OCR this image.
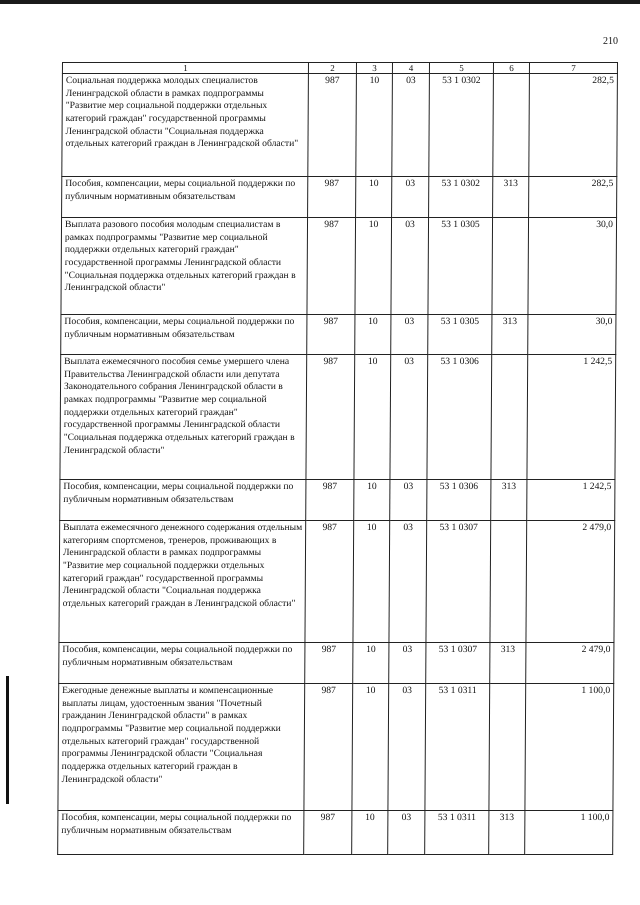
210
1	2	3	4	5	6	7
Социальная поддержка молодых специалистов Ленинградской области в рамках подпрограммы "Развитие мер социальной поддержки отдельных категорий граждан" государственной программы Ленинградской области "Социальная поддержка отдельных категорий граждан в Ленинградской области"	987	10	03	53 1 0302		282,5
Пособия, компенсации, меры социальной поддержки по публичным нормативным обязательствам	987	10	03	53 1 0302	313	282,5
Выплата разового пособия молодым специалистам в рамках подпрограммы "Развитие мер социальной поддержки отдельных категорий граждан" государственной программы Ленинградской области "Социальная поддержка отдельных категорий граждан в Ленинградской области"	987	10	03	53 1 0305		30,0
Пособия, компенсации, меры социальной поддержки по публичным нормативным обязательствам	987	10	03	53 1 0305	313	30,0
Выплата ежемесячного пособия семье умершего члена Правительства Ленинградской области или депутата Законодательного собрания Ленинградской области в рамках подпрограммы "Развитие мер социальной поддержки отдельных категорий граждан" государственной программы Ленинградской области "Социальная поддержка отдельных категорий граждан в Ленинградской области"	987	10	03	53 1 0306		1 242,5
Пособия, компенсации, меры социальной поддержки по публичным нормативным обязательствам	987	10	03	53 1 0306	313	1 242,5
Выплата ежемесячного денежного содержания отдельным категориям спортсменов, тренеров, проживающих в Ленинградской области в рамках подпрограммы "Развитие мер социальной поддержки отдельных категорий граждан" государственной программы Ленинградской области "Социальная поддержка отдельных категорий граждан в Ленинградской области"	987	10	03	53 1 0307		2 479,0
Пособия, компенсации, меры социальной поддержки по публичным нормативным обязательствам	987	10	03	53 1 0307	313	2 479,0
Ежегодные денежные выплаты и компенсационные выплаты лицам, удостоенным звания "Почетный гражданин Ленинградской области" в рамках подпрограммы "Развитие мер социальной поддержки отдельных категорий граждан" государственной программы Ленинградской области "Социальная поддержка отдельных категорий граждан в Ленинградской области"	987	10	03	53 1 0311		1 100,0
Пособия, компенсации, меры социальной поддержки по публичным нормативным обязательствам	987	10	03	53 1 0311	313	1 100,0
